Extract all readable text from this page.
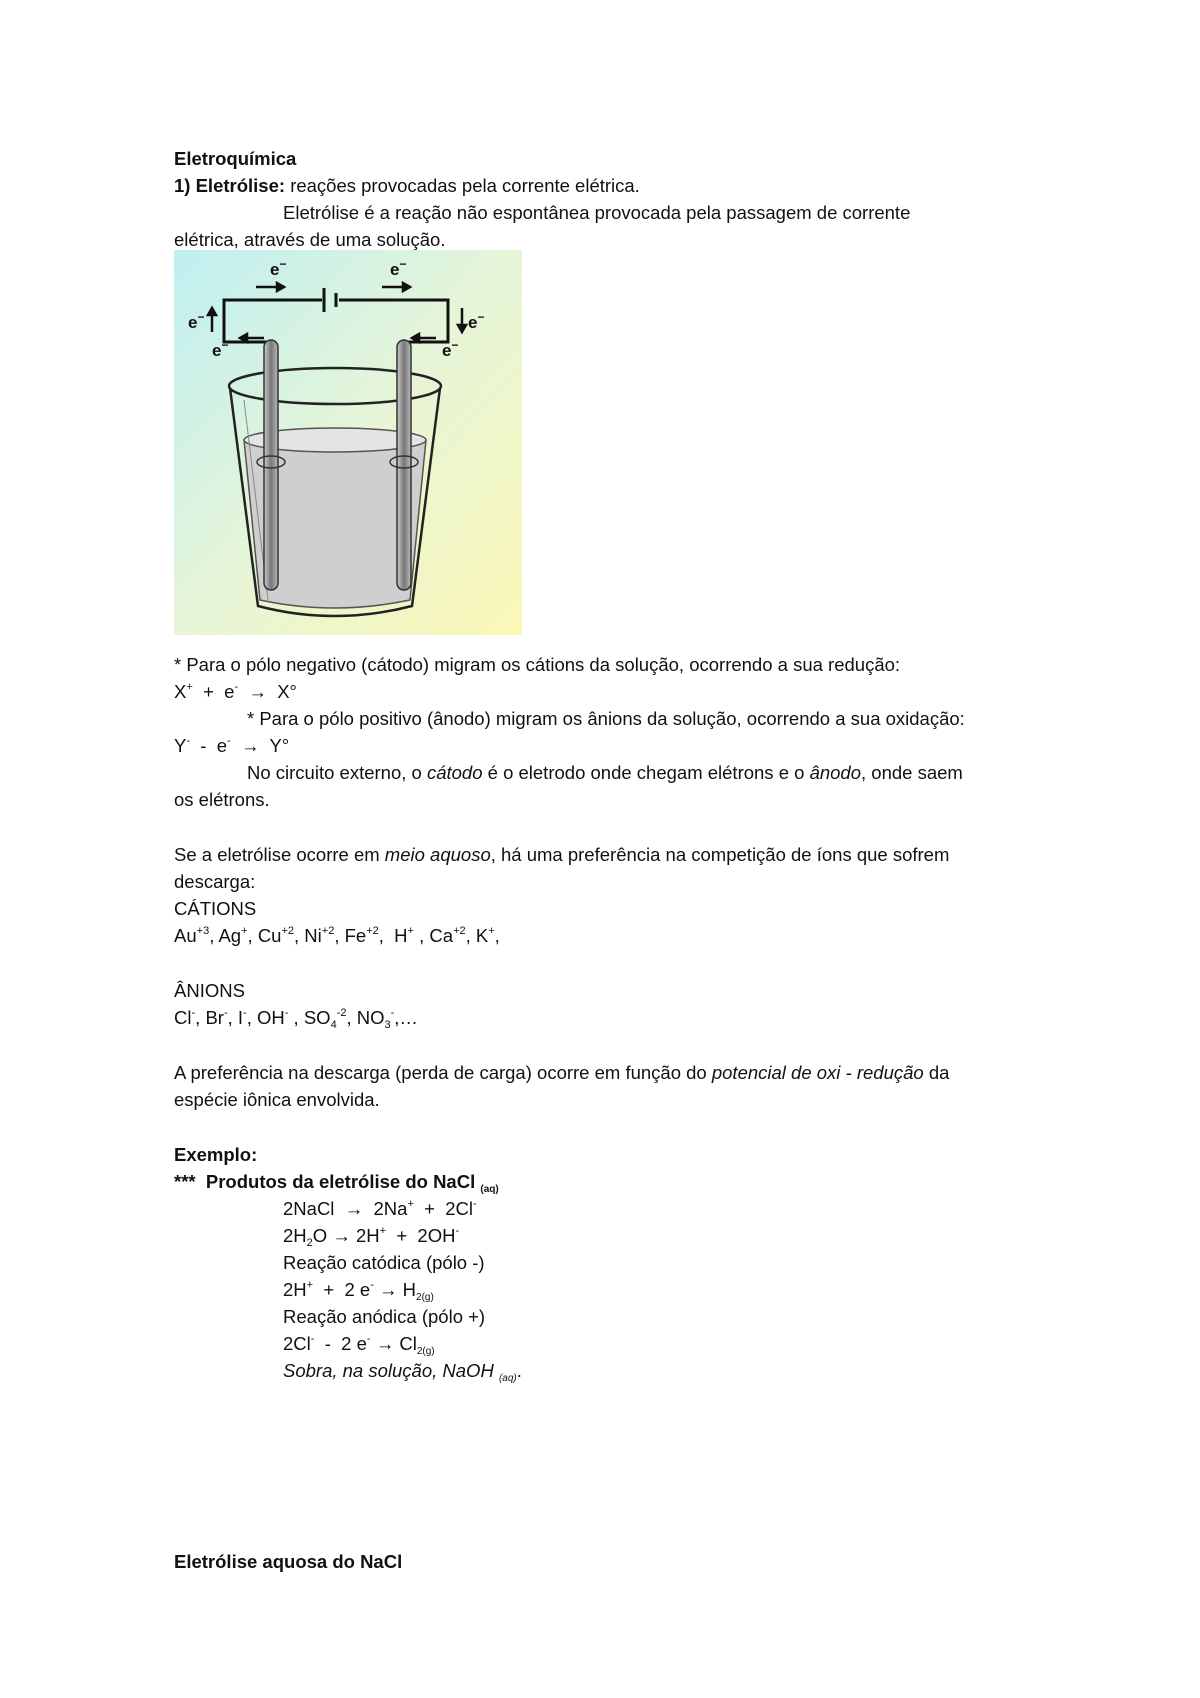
Eletroquímica
1) Eletrólise: reações provocadas pela corrente elétrica.
Eletrólise é a reação não espontânea provocada pela passagem de corrente
elétrica, através de uma solução.
e−	e−
e−	e−
e−	e−
* Para o pólo negativo (cátodo) migram os cátions da solução, ocorrendo a sua redução:
X+ + e- → X°
* Para o pólo positivo (ânodo) migram os ânions da solução, ocorrendo a sua oxidação:
Y- - e- → Y°
No circuito externo, o cátodo é o eletrodo onde chegam elétrons e o ânodo, onde saem
os elétrons.
Se a eletrólise ocorre em meio aquoso, há uma preferência na competição de íons que sofrem
descarga:
CÁTIONS
$Au^{+3}$, Ag+, $Cu^{+2}$, $Ni^{+2}$, $Fe^{+2}$,  H+ , $Ca^{+2}$, K+,
ÂNIONS
Cl-, Br-, I-, OH- , $SO_4^{-2}$, $NO_3^-,\dots$
A preferência na descarga (perda de carga) ocorre em função do potencial de oxi - redução da
espécie iônica envolvida.
Exemplo:
*** Produtos da eletrólise do NaCl $_{(aq)}$
2NaCl → 2Na+ + 2Cl-
$2H_2O \to 2H^+ + 2OH^-$
Reação catódica (pólo -)
2H+ + 2 $e^- \to H_{2(g)}$
Reação anódica (pólo +)
2Cl- - 2 $e^- \to Cl_{2(g)}$
Sobra, na solução, NaOH $_{(aq)}$.
Eletrólise aquosa do NaCl
